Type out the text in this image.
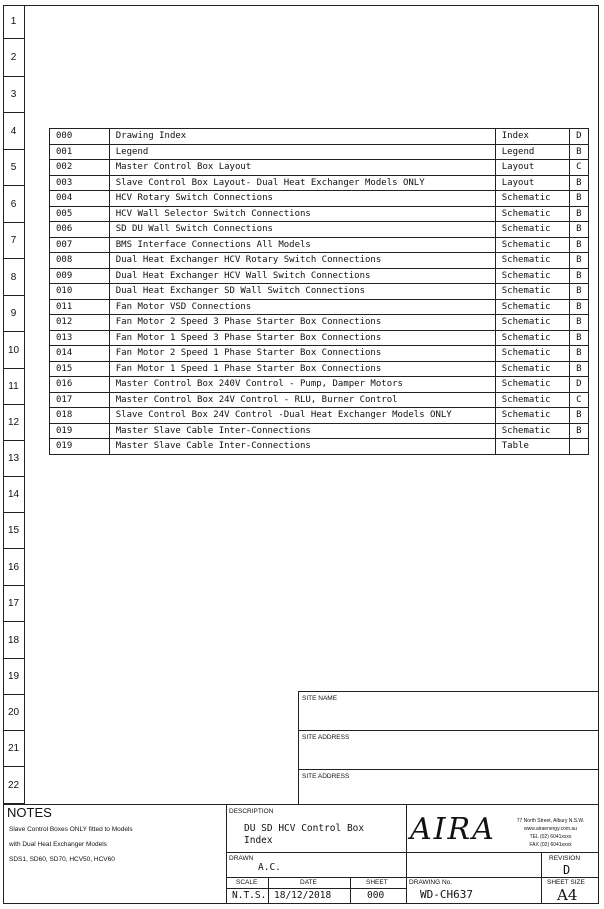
1
2
3
4
5
6
7
8
9
10
11
12
13
14
15
16
17
18
19
20
21
22
000	Drawing Index	Index	D
001	Legend	Legend	B
002	Master Control Box Layout	Layout	C
003	Slave Control Box Layout- Dual Heat Exchanger Models ONLY	Layout	B
004	HCV Rotary Switch Connections	Schematic	B
005	HCV Wall Selector Switch Connections	Schematic	B
006	SD DU Wall Switch Connections	Schematic	B
007	BMS Interface Connections All Models	Schematic	B
008	Dual Heat Exchanger HCV Rotary Switch Connections	Schematic	B
009	Dual Heat Exchanger HCV Wall Switch Connections	Schematic	B
010	Dual Heat Exchanger SD Wall Switch Connections	Schematic	B
011	Fan Motor VSD Connections	Schematic	B
012	Fan Motor 2 Speed 3 Phase Starter Box Connections	Schematic	B
013	Fan Motor 1 Speed 3 Phase Starter Box Connections	Schematic	B
014	Fan Motor 2 Speed 1 Phase Starter Box Connections	Schematic	B
015	Fan Motor 1 Speed 1 Phase Starter Box Connections	Schematic	B
016	Master Control Box 240V Control - Pump, Damper Motors	Schematic	D
017	Master Control Box 24V Control - RLU, Burner Control	Schematic	C
018	Slave Control Box 24V Control -Dual Heat Exchanger Models ONLY	Schematic	B
019	Master Slave Cable Inter-Connections	Schematic	B
019	Master Slave Cable Inter-Connections	Table	
SITE NAME
SITE ADDRESS
SITE ADDRESS
NOTES
Slave Control Boxes ONLY fitted to Models
with Dual Heat Exchanger Models
SDS1, SD60, SD70, HCV50, HCV60
DESCRIPTION
DU SD HCV Control Box
Index
DRAWN
A.C.
SCALE
N.T.S.
DATE
18/12/2018
SHEET
000
AIRA	77 North Street, Albury N.S.W.
www.airaenergy.com.au
TEL (02) 6041xxxx
FAX (02) 6041xxxx
REVISION
D
DRAWING No.
WD-CH637
SHEET SIZE
A4
